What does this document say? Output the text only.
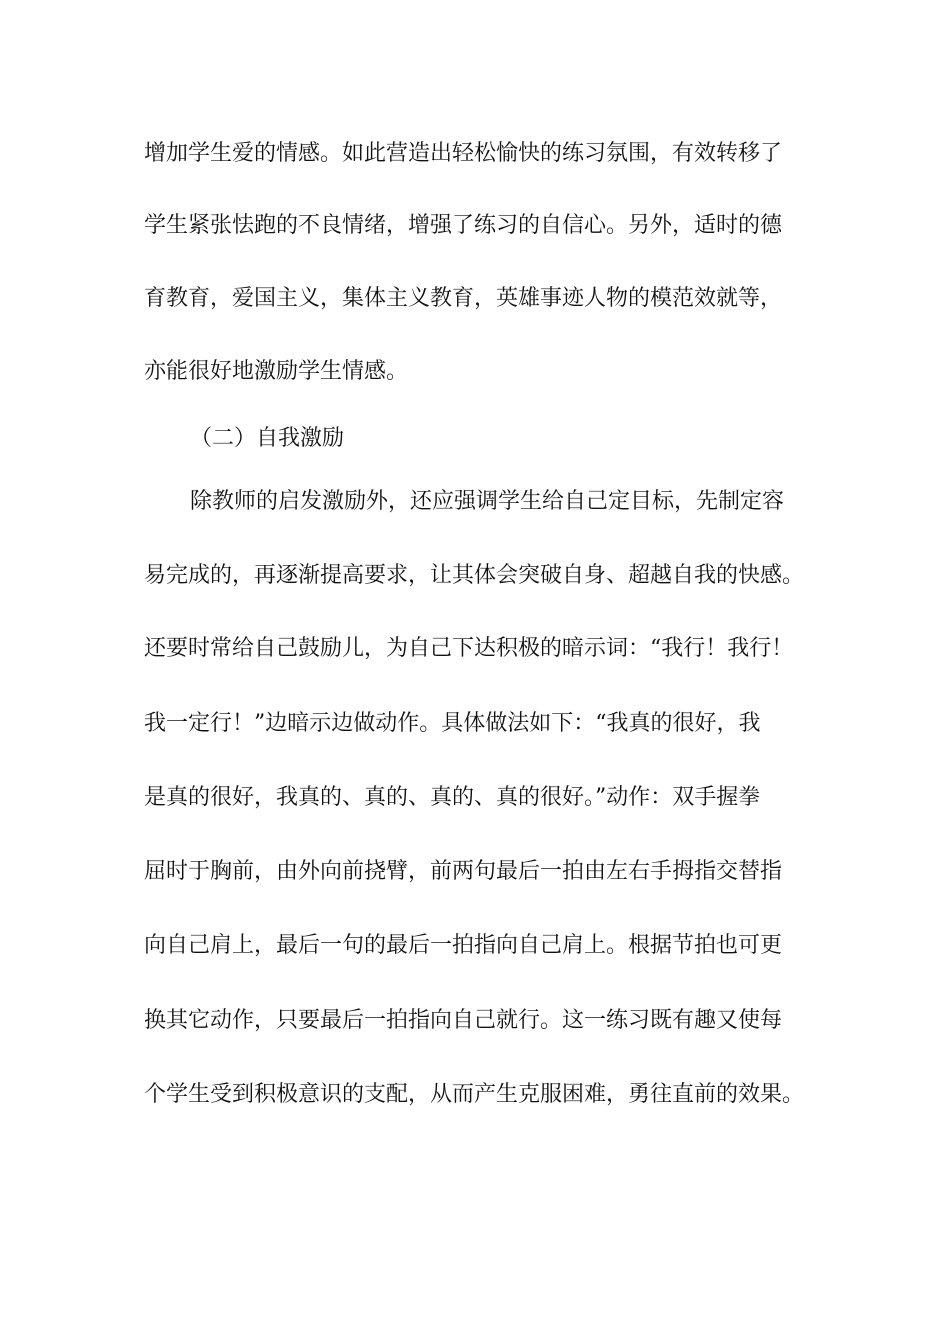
增加学生爱的情感。如此营造出轻松愉快的练习氛围，有效转移了
学生紧张怯跑的不良情绪，增强了练习的自信心。另外，适时的德
育教育，爱国主义，集体主义教育，英雄事迹人物的模范效就等，
亦能很好地激励学生情感。
（二）自我激励
除教师的启发激励外，还应强调学生给自己定目标，先制定容
易完成的，再逐渐提高要求，让其体会突破自身、超越自我的快感。
还要时常给自己鼓励儿，为自己下达积极的暗示词：“我行！我行！
我一定行！”边暗示边做动作。具体做法如下：“我真的很好，我
是真的很好，我真的、真的、真的、真的很好。”动作：双手握拳
屈时于胸前，由外向前挠臂，前两句最后一拍由左右手拇指交替指
向自己肩上，最后一句的最后一拍指向自己肩上。根据节拍也可更
换其它动作，只要最后一拍指向自己就行。这一练习既有趣又使每
个学生受到积极意识的支配，从而产生克服困难，勇往直前的效果。
